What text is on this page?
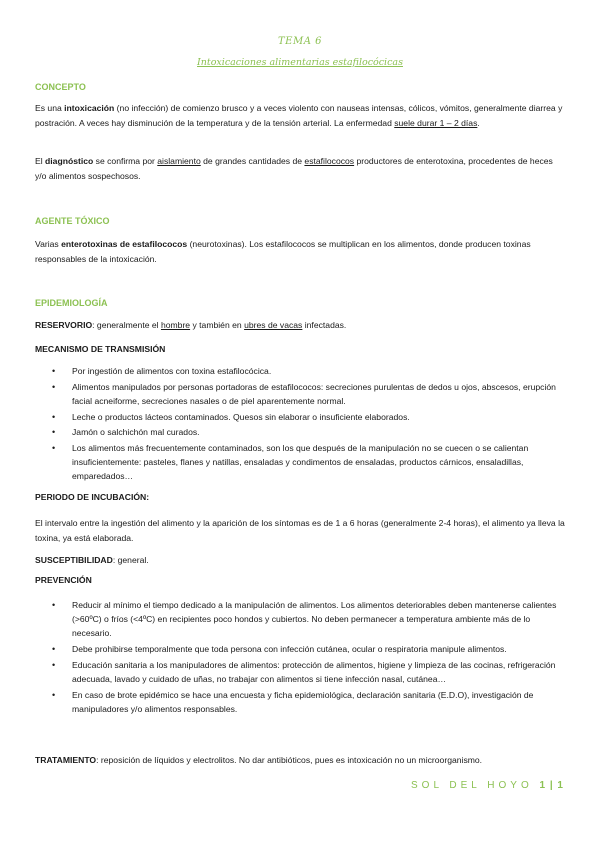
TEMA 6
Intoxicaciones alimentarias estafilocócicas
CONCEPTO
Es una intoxicación (no infección) de comienzo brusco y a veces violento con nauseas intensas, cólicos, vómitos, generalmente diarrea y postración. A veces hay disminución de la temperatura y de la tensión arterial. La enfermedad suele durar 1 – 2 días.
El diagnóstico se confirma por aislamiento de grandes cantidades de estafilococos productores de enterotoxina, procedentes de heces y/o alimentos sospechosos.
AGENTE TÓXICO
Varias enterotoxinas de estafilococos (neurotoxinas). Los estafilococos se multiplican en los alimentos, donde producen toxinas responsables de la intoxicación.
EPIDEMIOLOGÍA
RESERVORIO: generalmente el hombre y también en ubres de vacas infectadas.
MECANISMO DE TRANSMISIÓN
• Por ingestión de alimentos con toxina estafilocócica.
• Alimentos manipulados por personas portadoras de estafilococos: secreciones purulentas de dedos u ojos, abscesos, erupción facial acneiforme, secreciones nasales o de piel aparentemente normal.
• Leche o productos lácteos contaminados. Quesos sin elaborar o insuficiente elaborados.
• Jamón o salchichón mal curados.
• Los alimentos más frecuentemente contaminados, son los que después de la manipulación no se cuecen o se calientan insuficientemente: pasteles, flanes y natillas, ensaladas y condimentos de ensaladas, productos cárnicos, ensaladillas, emparedados…
PERIODO DE INCUBACIÓN:
El intervalo entre la ingestión del alimento y la aparición de los síntomas es de 1 a 6 horas (generalmente 2-4 horas), el alimento ya lleva la toxina, ya está elaborada.
SUSCEPTIBILIDAD: general.
PREVENCIÓN
• Reducir al mínimo el tiempo dedicado a la manipulación de alimentos. Los alimentos deteriorables deben mantenerse calientes (>60ºC) o fríos (<4ºC) en recipientes poco hondos y cubiertos. No deben permanecer a temperatura ambiente más de lo necesario.
• Debe prohibirse temporalmente que toda persona con infección cutánea, ocular o respiratoria manipule alimentos.
• Educación sanitaria a los manipuladores de alimentos: protección de alimentos, higiene y limpieza de las cocinas, refrigeración adecuada, lavado y cuidado de uñas, no trabajar con alimentos si tiene infección nasal, cutánea…
• En caso de brote epidémico se hace una encuesta y ficha epidemiológica, declaración sanitaria (E.D.O), investigación de manipuladores y/o alimentos responsables.
TRATAMIENTO: reposición de líquidos y electrolitos. No dar antibióticos, pues es intoxicación no un microorganismo.
SOL DEL HOYO 1 | 1
